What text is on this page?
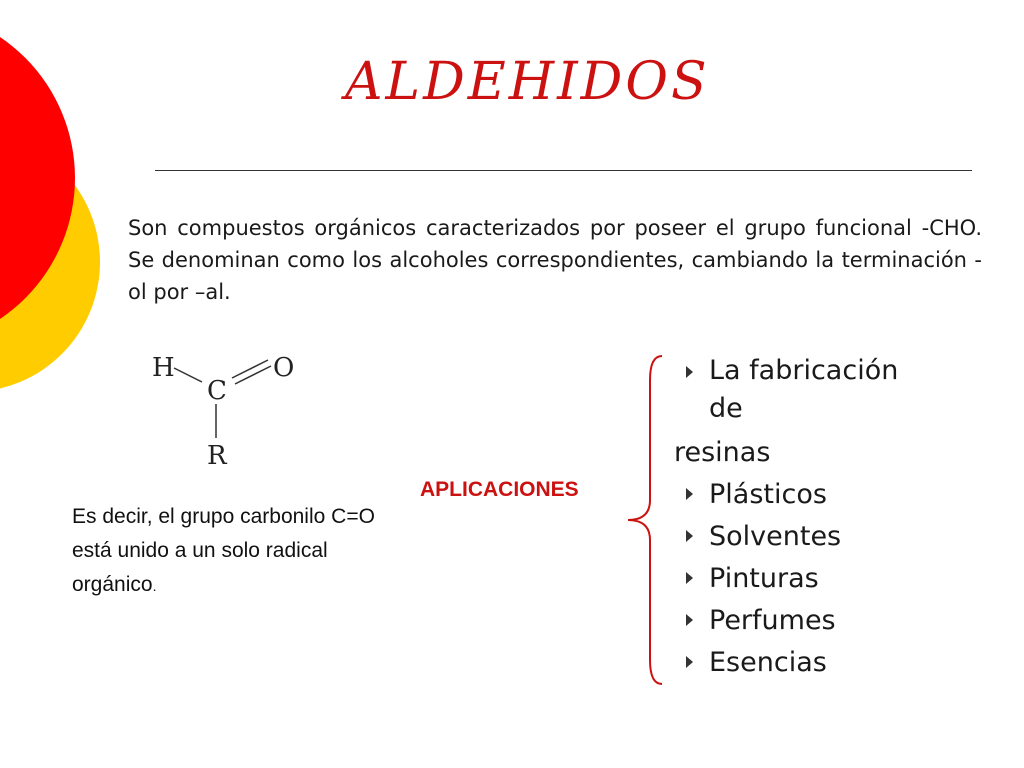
ALDEHIDOS

Son compuestos orgánicos caracterizados por poseer el grupo funcional -CHO. Se denominan como los alcoholes correspondientes, cambiando la terminación -ol por –al.

H
C
O
R

Es decir, el grupo carbonilo C=O está unido a un solo radical orgánico.

APLICACIONES
La fabricación
de
resinas
Plásticos
Solventes
Pinturas
Perfumes
Esencias
